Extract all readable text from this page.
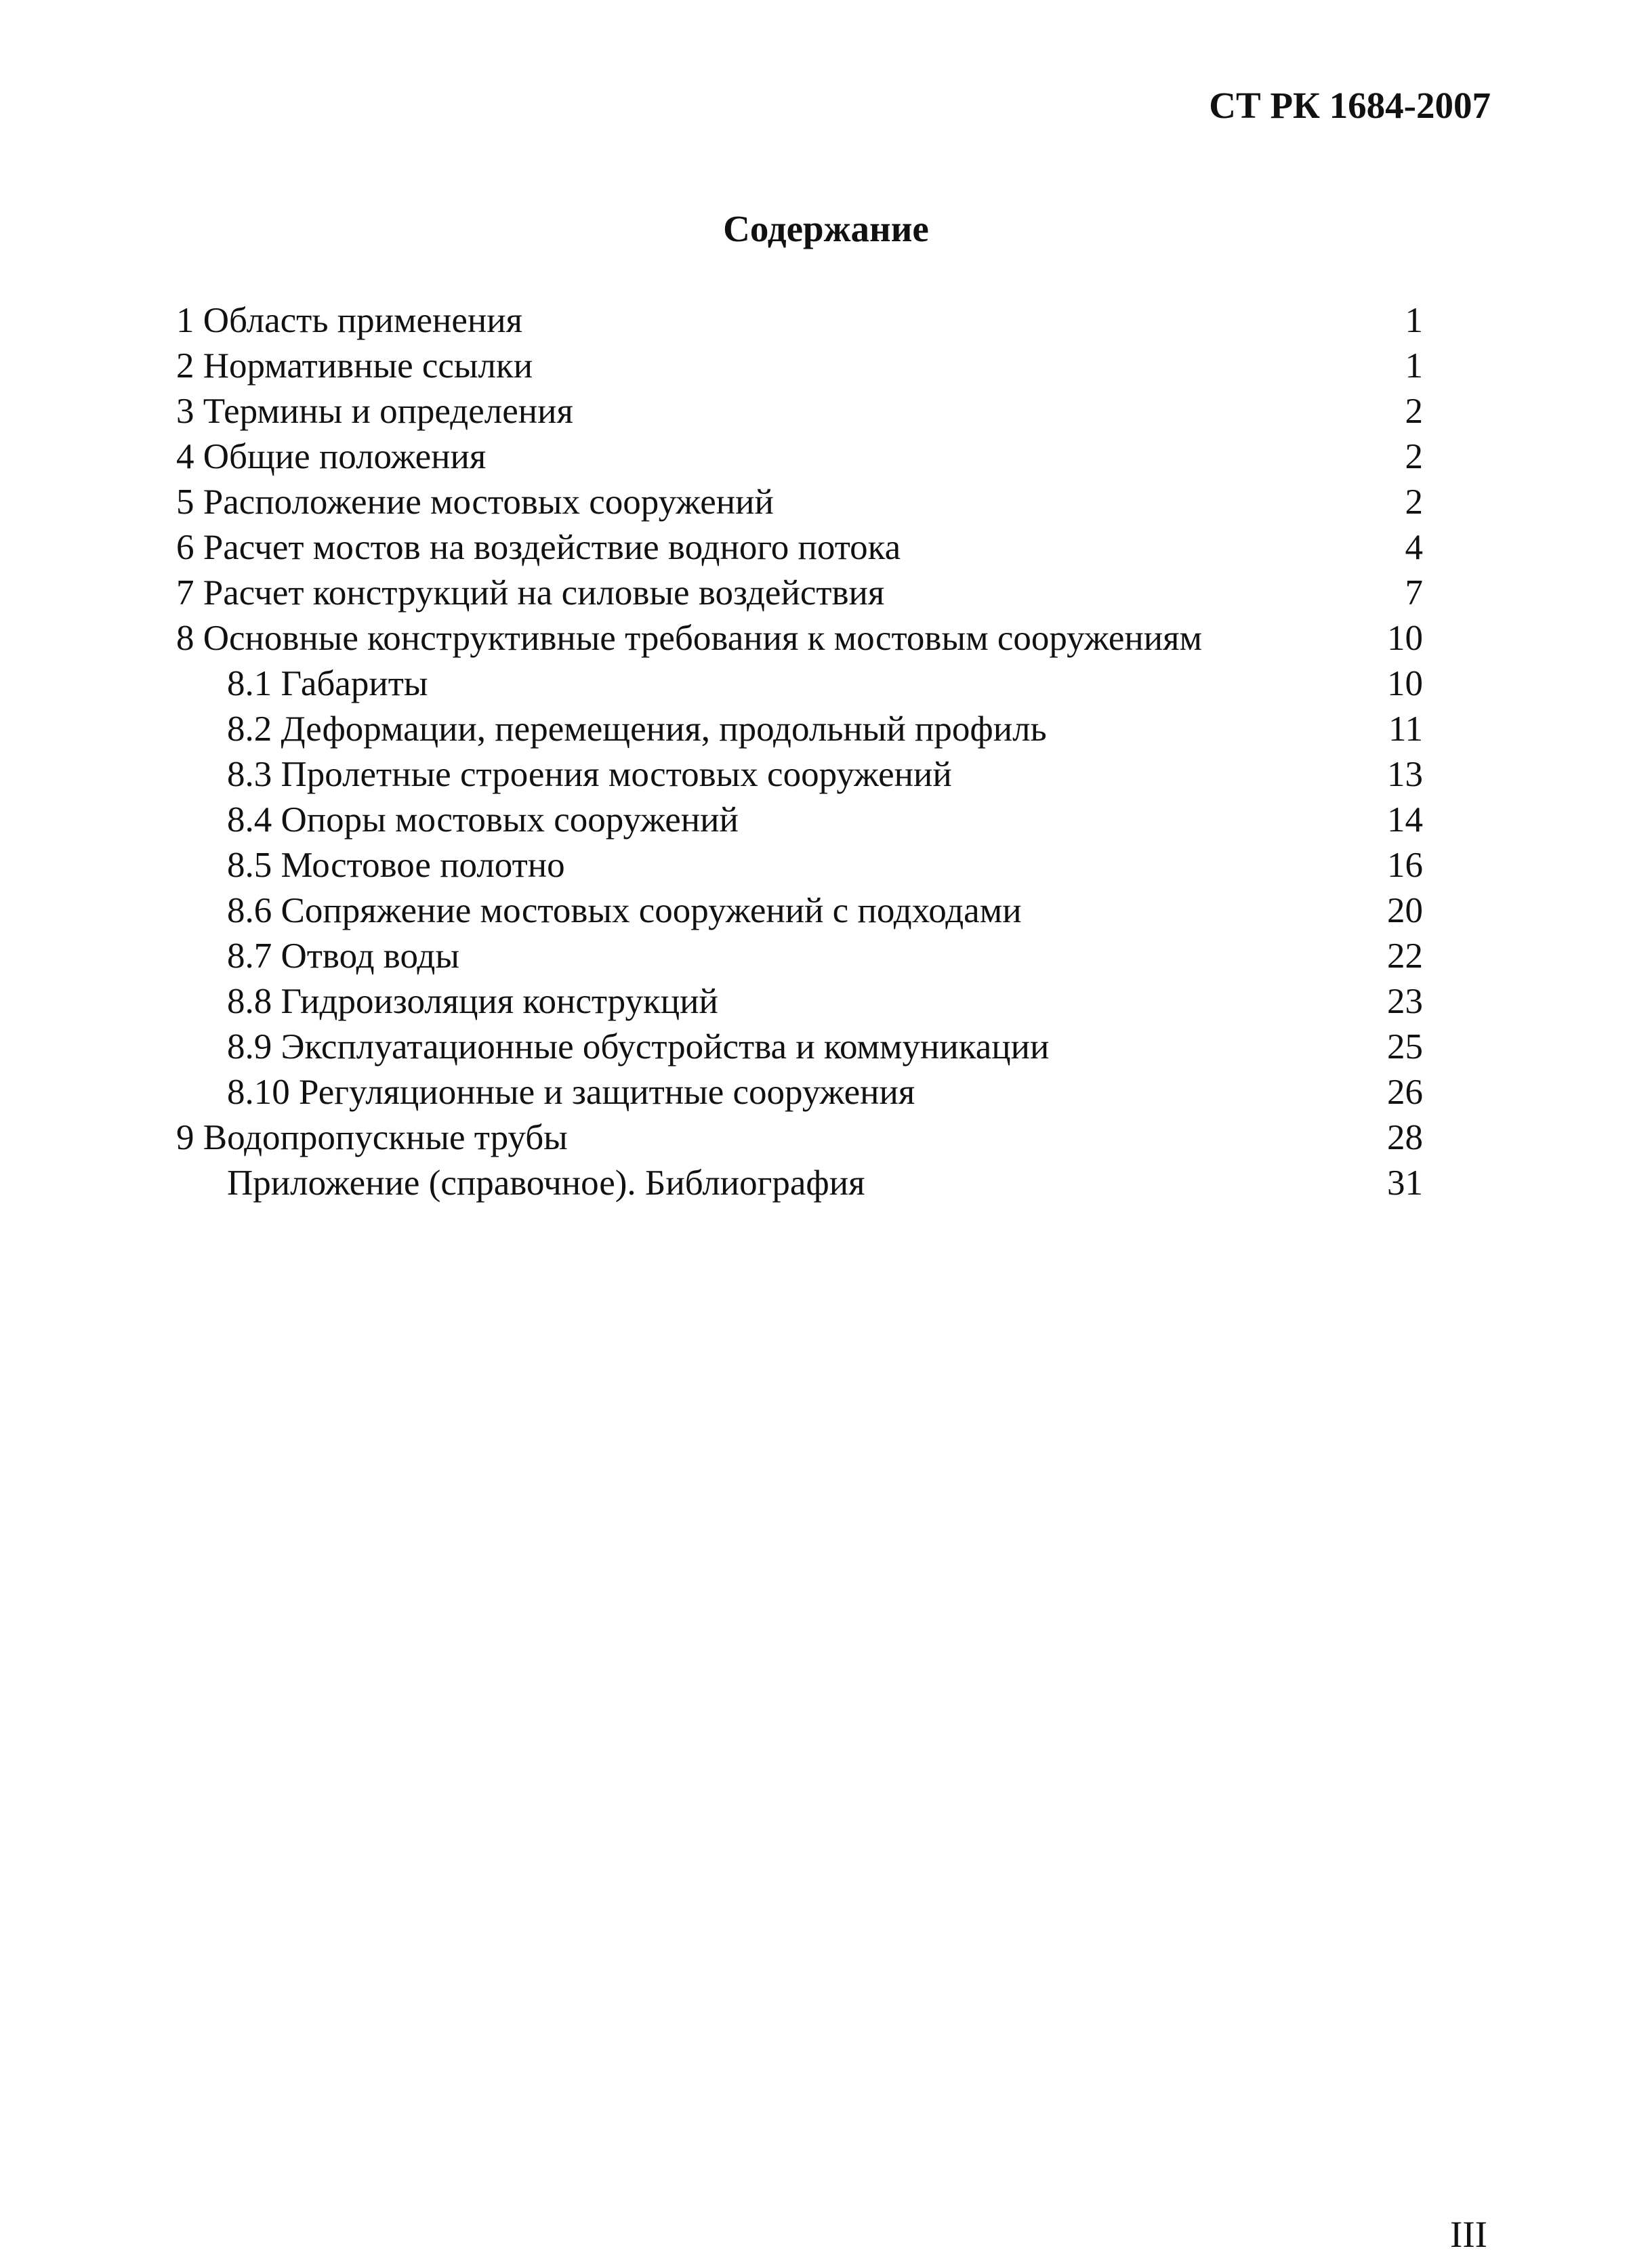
СТ РК 1684-2007
Содержание
1 Область применения	1
2 Нормативные ссылки	1
3 Термины и определения	2
4 Общие положения	2
5 Расположение мостовых сооружений	2
6 Расчет мостов на воздействие водного потока	4
7 Расчет конструкций на силовые воздействия	7
8 Основные конструктивные требования к мостовым сооружениям	10
8.1 Габариты	10
8.2 Деформации, перемещения, продольный профиль	11
8.3 Пролетные строения мостовых сооружений	13
8.4 Опоры мостовых сооружений	14
8.5 Мостовое полотно	16
8.6 Сопряжение мостовых сооружений с подходами	20
8.7 Отвод воды	22
8.8 Гидроизоляция конструкций	23
8.9 Эксплуатационные обустройства и коммуникации	25
8.10 Регуляционные и защитные сооружения	26
9 Водопропускные трубы	28
Приложение (справочное). Библиография	31
III
